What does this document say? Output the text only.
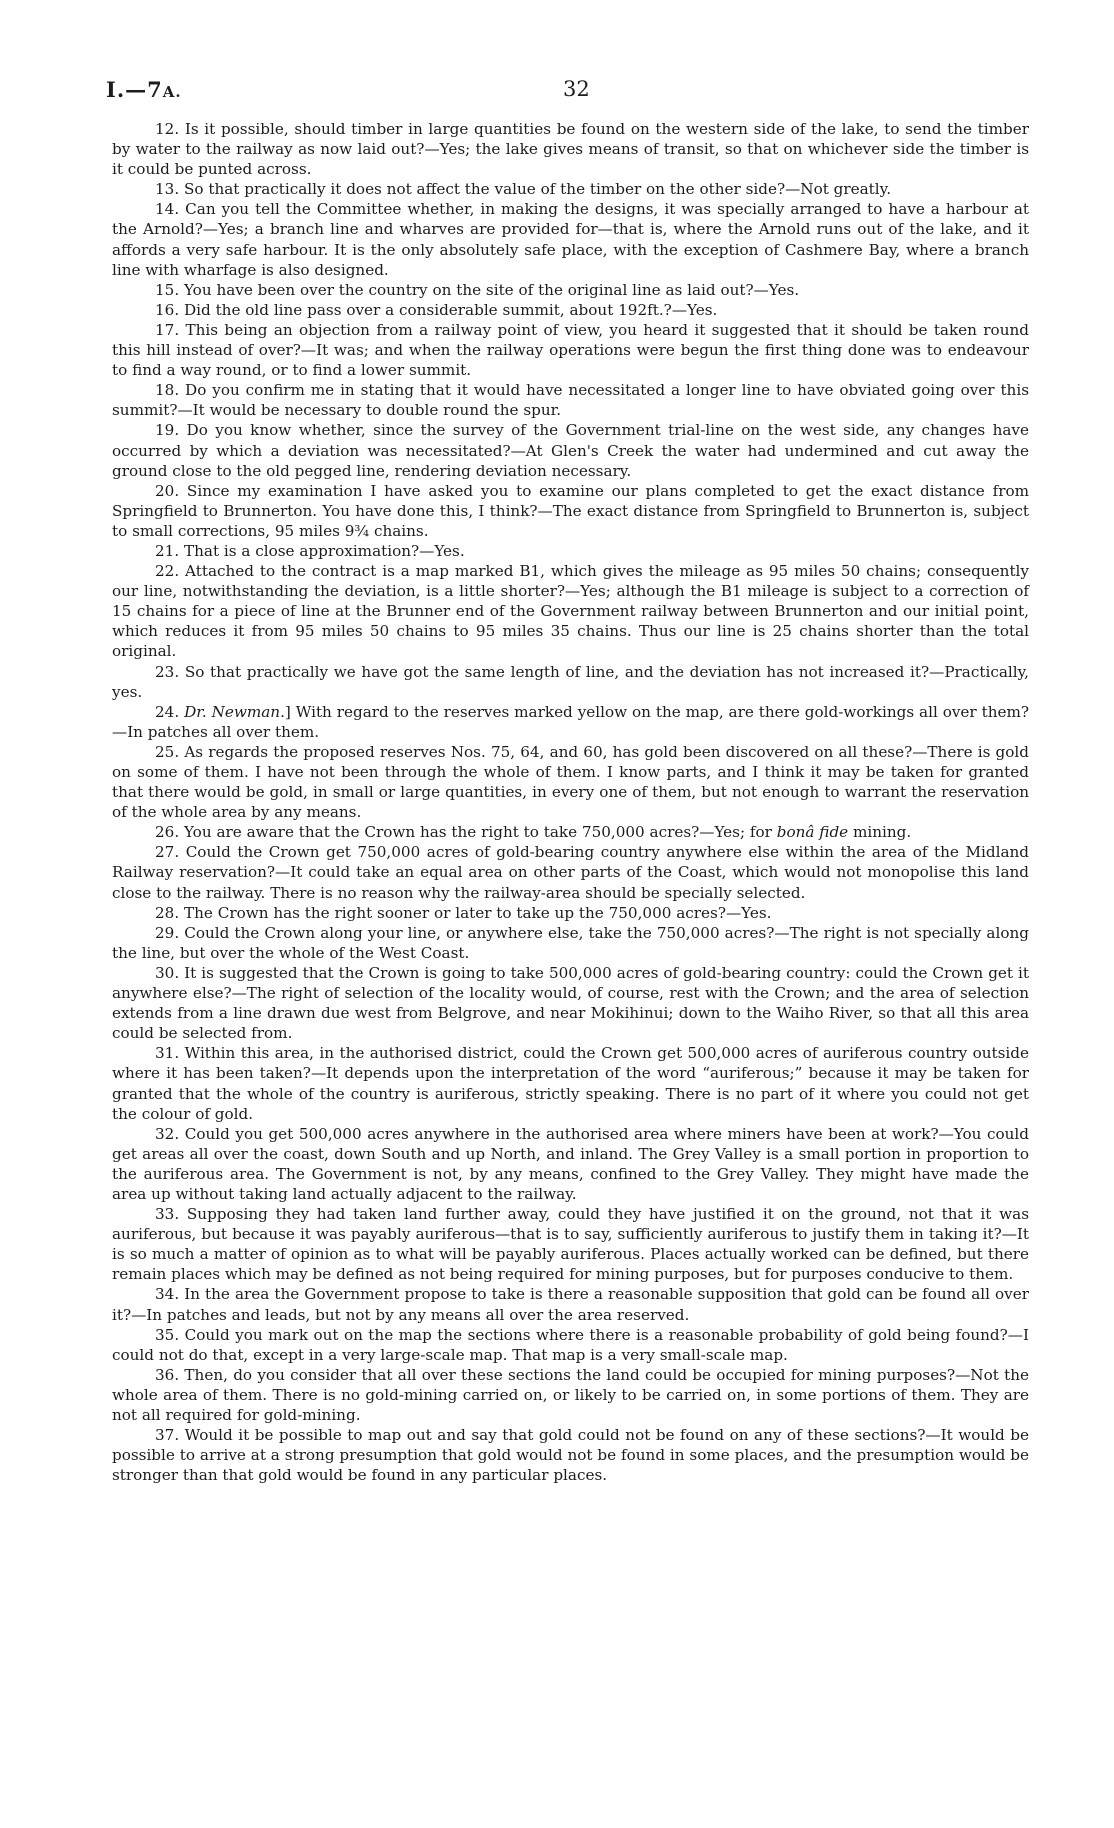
I.—7A.	32

12. Is it possible, should timber in large quantities be found on the western side of the lake, to send the timber by water to the railway as now laid out?—Yes; the lake gives means of transit, so that on whichever side the timber is it could be punted across.

13. So that practically it does not affect the value of the timber on the other side?—Not greatly.

14. Can you tell the Committee whether, in making the designs, it was specially arranged to have a harbour at the Arnold?—Yes; a branch line and wharves are provided for—that is, where the Arnold runs out of the lake, and it affords a very safe harbour. It is the only absolutely safe place, with the exception of Cashmere Bay, where a branch line with wharfage is also designed.

15. You have been over the country on the site of the original line as laid out?—Yes.

16. Did the old line pass over a considerable summit, about 192ft.?—Yes.

17. This being an objection from a railway point of view, you heard it suggested that it should be taken round this hill instead of over?—It was; and when the railway operations were begun the first thing done was to endeavour to find a way round, or to find a lower summit.

18. Do you confirm me in stating that it would have necessitated a longer line to have obviated going over this summit?—It would be necessary to double round the spur.

19. Do you know whether, since the survey of the Government trial-line on the west side, any changes have occurred by which a deviation was necessitated?—At Glen's Creek the water had undermined and cut away the ground close to the old pegged line, rendering deviation necessary.

20. Since my examination I have asked you to examine our plans completed to get the exact distance from Springfield to Brunnerton. You have done this, I think?—The exact distance from Springfield to Brunnerton is, subject to small corrections, 95 miles 9¾ chains.

21. That is a close approximation?—Yes.

22. Attached to the contract is a map marked B1, which gives the mileage as 95 miles 50 chains; consequently our line, notwithstanding the deviation, is a little shorter?—Yes; although the B1 mileage is subject to a correction of 15 chains for a piece of line at the Brunner end of the Government railway between Brunnerton and our initial point, which reduces it from 95 miles 50 chains to 95 miles 35 chains. Thus our line is 25 chains shorter than the total original.

23. So that practically we have got the same length of line, and the deviation has not increased it?—Practically, yes.

24. Dr. Newman.] With regard to the reserves marked yellow on the map, are there gold-workings all over them?—In patches all over them.

25. As regards the proposed reserves Nos. 75, 64, and 60, has gold been discovered on all these?—There is gold on some of them. I have not been through the whole of them. I know parts, and I think it may be taken for granted that there would be gold, in small or large quantities, in every one of them, but not enough to warrant the reservation of the whole area by any means.

26. You are aware that the Crown has the right to take 750,000 acres?—Yes; for bonâ fide mining.

27. Could the Crown get 750,000 acres of gold-bearing country anywhere else within the area of the Midland Railway reservation?—It could take an equal area on other parts of the Coast, which would not monopolise this land close to the railway. There is no reason why the railway-area should be specially selected.

28. The Crown has the right sooner or later to take up the 750,000 acres?—Yes.

29. Could the Crown along your line, or anywhere else, take the 750,000 acres?—The right is not specially along the line, but over the whole of the West Coast.

30. It is suggested that the Crown is going to take 500,000 acres of gold-bearing country: could the Crown get it anywhere else?—The right of selection of the locality would, of course, rest with the Crown; and the area of selection extends from a line drawn due west from Belgrove, and near Mokihinui; down to the Waiho River, so that all this area could be selected from.

31. Within this area, in the authorised district, could the Crown get 500,000 acres of auriferous country outside where it has been taken?—It depends upon the interpretation of the word “auriferous;” because it may be taken for granted that the whole of the country is auriferous, strictly speaking. There is no part of it where you could not get the colour of gold.

32. Could you get 500,000 acres anywhere in the authorised area where miners have been at work?—You could get areas all over the coast, down South and up North, and inland. The Grey Valley is a small portion in proportion to the auriferous area. The Government is not, by any means, confined to the Grey Valley. They might have made the area up without taking land actually adjacent to the railway.

33. Supposing they had taken land further away, could they have justified it on the ground, not that it was auriferous, but because it was payably auriferous—that is to say, sufficiently auriferous to justify them in taking it?—It is so much a matter of opinion as to what will be payably auriferous. Places actually worked can be defined, but there remain places which may be defined as not being required for mining purposes, but for purposes conducive to them.

34. In the area the Government propose to take is there a reasonable supposition that gold can be found all over it?—In patches and leads, but not by any means all over the area reserved.

35. Could you mark out on the map the sections where there is a reasonable probability of gold being found?—I could not do that, except in a very large-scale map. That map is a very small-scale map.

36. Then, do you consider that all over these sections the land could be occupied for mining purposes?—Not the whole area of them. There is no gold-mining carried on, or likely to be carried on, in some portions of them. They are not all required for gold-mining.

37. Would it be possible to map out and say that gold could not be found on any of these sections?—It would be possible to arrive at a strong presumption that gold would not be found in some places, and the presumption would be stronger than that gold would be found in any particular places.
